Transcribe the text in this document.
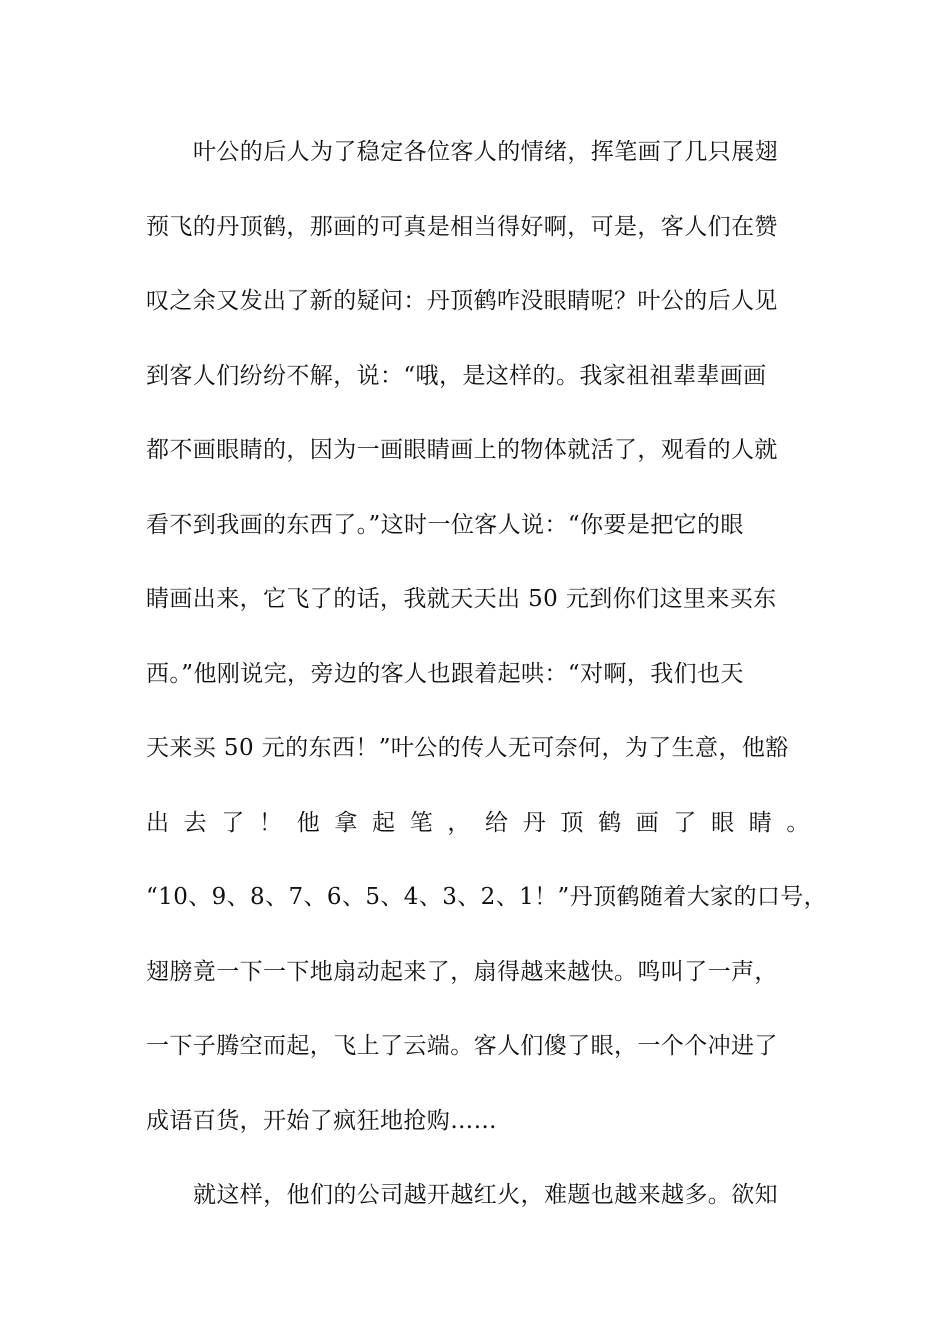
叶公的后人为了稳定各位客人的情绪，挥笔画了几只展翅
预飞的丹顶鹤，那画的可真是相当得好啊，可是，客人们在赞
叹之余又发出了新的疑问：丹顶鹤咋没眼睛呢？叶公的后人见
到客人们纷纷不解，说：“哦，是这样的。我家祖祖辈辈画画
都不画眼睛的，因为一画眼睛画上的物体就活了，观看的人就
看不到我画的东西了。”这时一位客人说：“你要是把它的眼
睛画出来，它飞了的话，我就天天出 50 元到你们这里来买东
西。”他刚说完，旁边的客人也跟着起哄：“对啊，我们也天
天来买 50 元的东西！”叶公的传人无可奈何，为了生意，他豁
出 去 了 ！ 他 拿 起 笔 ， 给 丹 顶 鹤 画 了 眼 睛 。
“10、9、8、7、6、5、4、3、2、1！”丹顶鹤随着大家的口号，
翅膀竟一下一下地扇动起来了，扇得越来越快。鸣叫了一声，
一下子腾空而起，飞上了云端。客人们傻了眼，一个个冲进了
成语百货，开始了疯狂地抢购……
就这样，他们的公司越开越红火，难题也越来越多。欲知
